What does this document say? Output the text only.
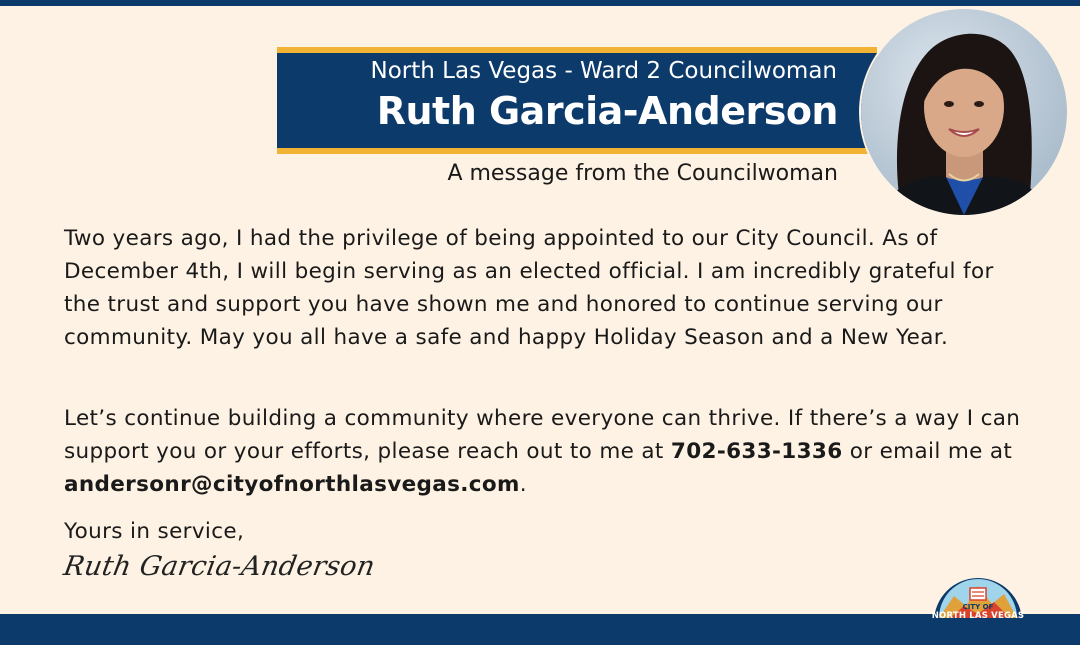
North Las Vegas - Ward 2 Councilwoman
Ruth Garcia-Anderson
A message from the Councilwoman

Two years ago, I had the privilege of being appointed to our City Council. As of December 4th, I will begin serving as an elected official. I am incredibly grateful for the trust and support you have shown me and honored to continue serving our community. May you all have a safe and happy Holiday Season and a New Year.

Let’s continue building a community where everyone can thrive. If there’s a way I can support you or your efforts, please reach out to me at 702-633-1336 or email me at andersonr@cityofnorthlasvegas.com.

Yours in service,
Ruth Garcia-Anderson
CITY OF
NORTH LAS VEGAS
